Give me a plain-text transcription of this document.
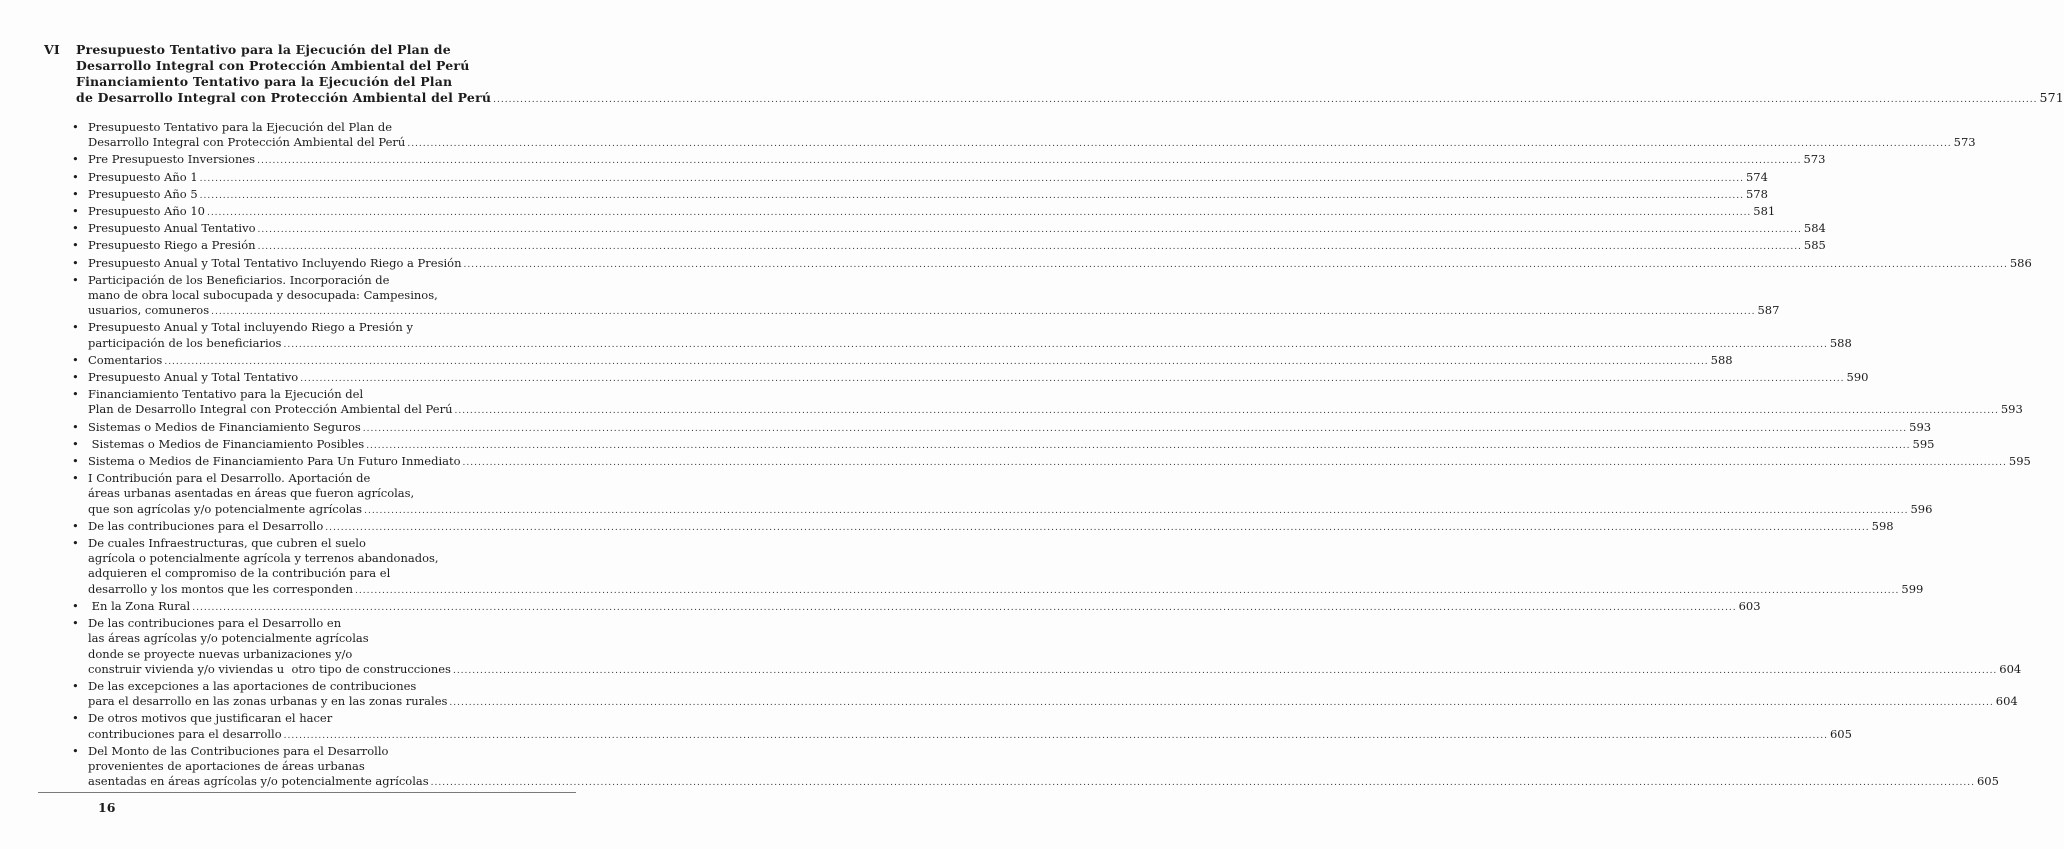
VI Presupuesto Tentativo para la Ejecución del Plan de
Desarrollo Integral con Protección Ambiental del Perú
Financiamiento Tentativo para la Ejecución del Plan
de Desarrollo Integral con Protección Ambiental del Perú ................................................................................................................................................................................................................................................................................................................................................................................................................ 571
• Presupuesto Tentativo para la Ejecución del Plan de
Desarrollo Integral con Protección Ambiental del Perú ................................................................................................................................................................................................................................................................................................................................................................................................................ 573
• Pre Presupuesto Inversiones ................................................................................................................................................................................................................................................................................................................................................................................................................ 573
• Presupuesto Año 1 ................................................................................................................................................................................................................................................................................................................................................................................................................ 574
• Presupuesto Año 5 ................................................................................................................................................................................................................................................................................................................................................................................................................ 578
• Presupuesto Año 10 ................................................................................................................................................................................................................................................................................................................................................................................................................ 581
• Presupuesto Anual Tentativo ................................................................................................................................................................................................................................................................................................................................................................................................................ 584
• Presupuesto Riego a Presión ................................................................................................................................................................................................................................................................................................................................................................................................................ 585
• Presupuesto Anual y Total Tentativo Incluyendo Riego a Presión ................................................................................................................................................................................................................................................................................................................................................................................................................ 586
• Participación de los Beneficiarios. Incorporación de
mano de obra local subocupada y desocupada: Campesinos,
usuarios, comuneros ................................................................................................................................................................................................................................................................................................................................................................................................................ 587
• Presupuesto Anual y Total incluyendo Riego a Presión y
participación de los beneficiarios ................................................................................................................................................................................................................................................................................................................................................................................................................ 588
• Comentarios ................................................................................................................................................................................................................................................................................................................................................................................................................ 588
• Presupuesto Anual y Total Tentativo ................................................................................................................................................................................................................................................................................................................................................................................................................ 590
• Financiamiento Tentativo para la Ejecución del
Plan de Desarrollo Integral con Protección Ambiental del Perú ................................................................................................................................................................................................................................................................................................................................................................................................................ 593
• Sistemas o Medios de Financiamiento Seguros ................................................................................................................................................................................................................................................................................................................................................................................................................ 593
• Sistemas o Medios de Financiamiento Posibles ................................................................................................................................................................................................................................................................................................................................................................................................................ 595
• Sistema o Medios de Financiamiento Para Un Futuro Inmediato ................................................................................................................................................................................................................................................................................................................................................................................................................ 595
• I Contribución para el Desarrollo. Aportación de
áreas urbanas asentadas en áreas que fueron agrícolas,
que son agrícolas y/o potencialmente agrícolas ................................................................................................................................................................................................................................................................................................................................................................................................................ 596
• De las contribuciones para el Desarrollo ................................................................................................................................................................................................................................................................................................................................................................................................................ 598
• De cuales Infraestructuras, que cubren el suelo
agrícola o potencialmente agrícola y terrenos abandonados,
adquieren el compromiso de la contribución para el
desarrollo y los montos que les corresponden ................................................................................................................................................................................................................................................................................................................................................................................................................ 599
• En la Zona Rural ................................................................................................................................................................................................................................................................................................................................................................................................................ 603
• De las contribuciones para el Desarrollo en
las áreas agrícolas y/o potencialmente agrícolas
donde se proyecte nuevas urbanizaciones y/o
construir vivienda y/o viviendas u  otro tipo de construcciones ................................................................................................................................................................................................................................................................................................................................................................................................................ 604
• De las excepciones a las aportaciones de contribuciones
para el desarrollo en las zonas urbanas y en las zonas rurales ................................................................................................................................................................................................................................................................................................................................................................................................................ 604
• De otros motivos que justificaran el hacer
contribuciones para el desarrollo ................................................................................................................................................................................................................................................................................................................................................................................................................ 605
• Del Monto de las Contribuciones para el Desarrollo
provenientes de aportaciones de áreas urbanas
asentadas en áreas agrícolas y/o potencialmente agrícolas ................................................................................................................................................................................................................................................................................................................................................................................................................ 605
16
